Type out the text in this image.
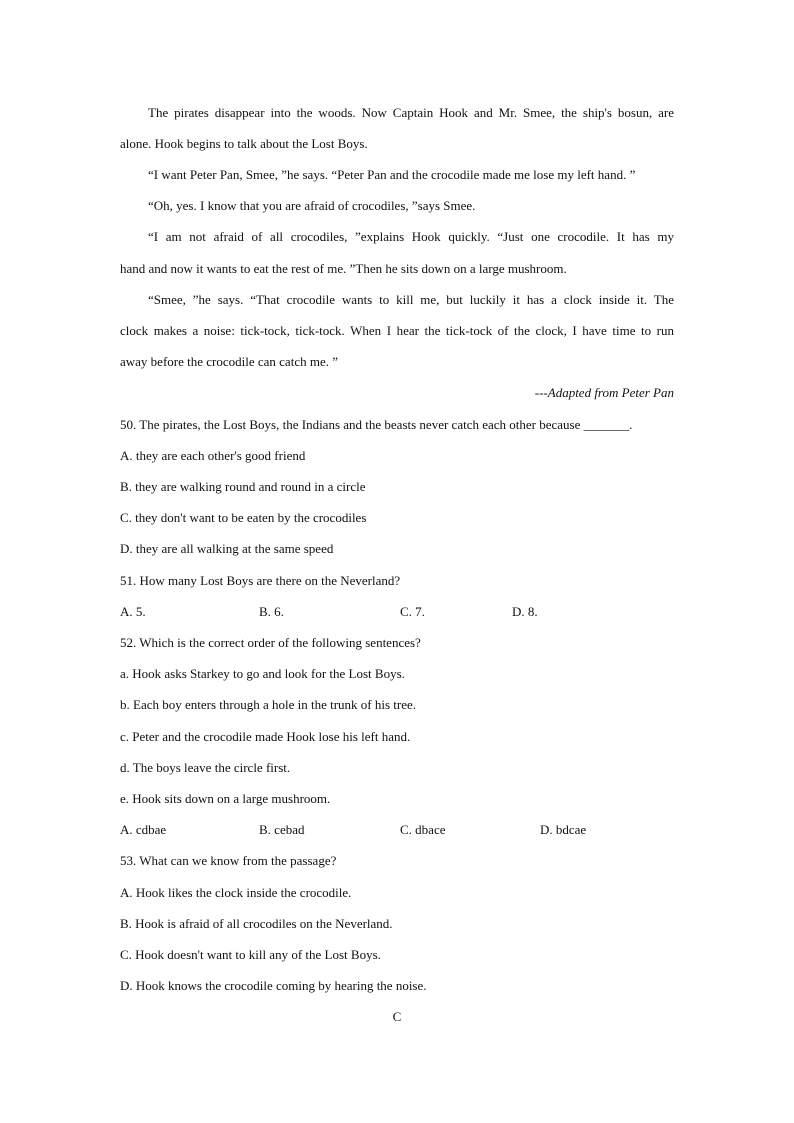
The pirates disappear into the woods. Now Captain Hook and Mr. Smee, the ship's bosun, are
alone. Hook begins to talk about the Lost Boys.
“I want Peter Pan, Smee, ”he says. “Peter Pan and the crocodile made me lose my left hand. ”
“Oh, yes. I know that you are afraid of crocodiles, ”says Smee.
“I am not afraid of all crocodiles, ”explains Hook quickly. “Just one crocodile. It has my
hand and now it wants to eat the rest of me. ”Then he sits down on a large mushroom.
“Smee, ”he says. “That crocodile wants to kill me, but luckily it has a clock inside it. The
clock makes a noise: tick-tock, tick-tock. When I hear the tick-tock of the clock, I have time to run
away before the crocodile can catch me. ”
---Adapted from Peter Pan
50. The pirates, the Lost Boys, the Indians and the beasts never catch each other because _______.
A. they are each other's good friend
B. they are walking round and round in a circle
C. they don't want to be eaten by the crocodiles
D. they are all walking at the same speed
51. How many Lost Boys are there on the Neverland?
A. 5.	B. 6.	C. 7.	D. 8.
52. Which is the correct order of the following sentences?
a. Hook asks Starkey to go and look for the Lost Boys.
b. Each boy enters through a hole in the trunk of his tree.
c. Peter and the crocodile made Hook lose his left hand.
d. The boys leave the circle first.
e. Hook sits down on a large mushroom.
A. cdbae	B. cebad	C. dbace	D. bdcae
53. What can we know from the passage?
A. Hook likes the clock inside the crocodile.
B. Hook is afraid of all crocodiles on the Neverland.
C. Hook doesn't want to kill any of the Lost Boys.
D. Hook knows the crocodile coming by hearing the noise.
C
